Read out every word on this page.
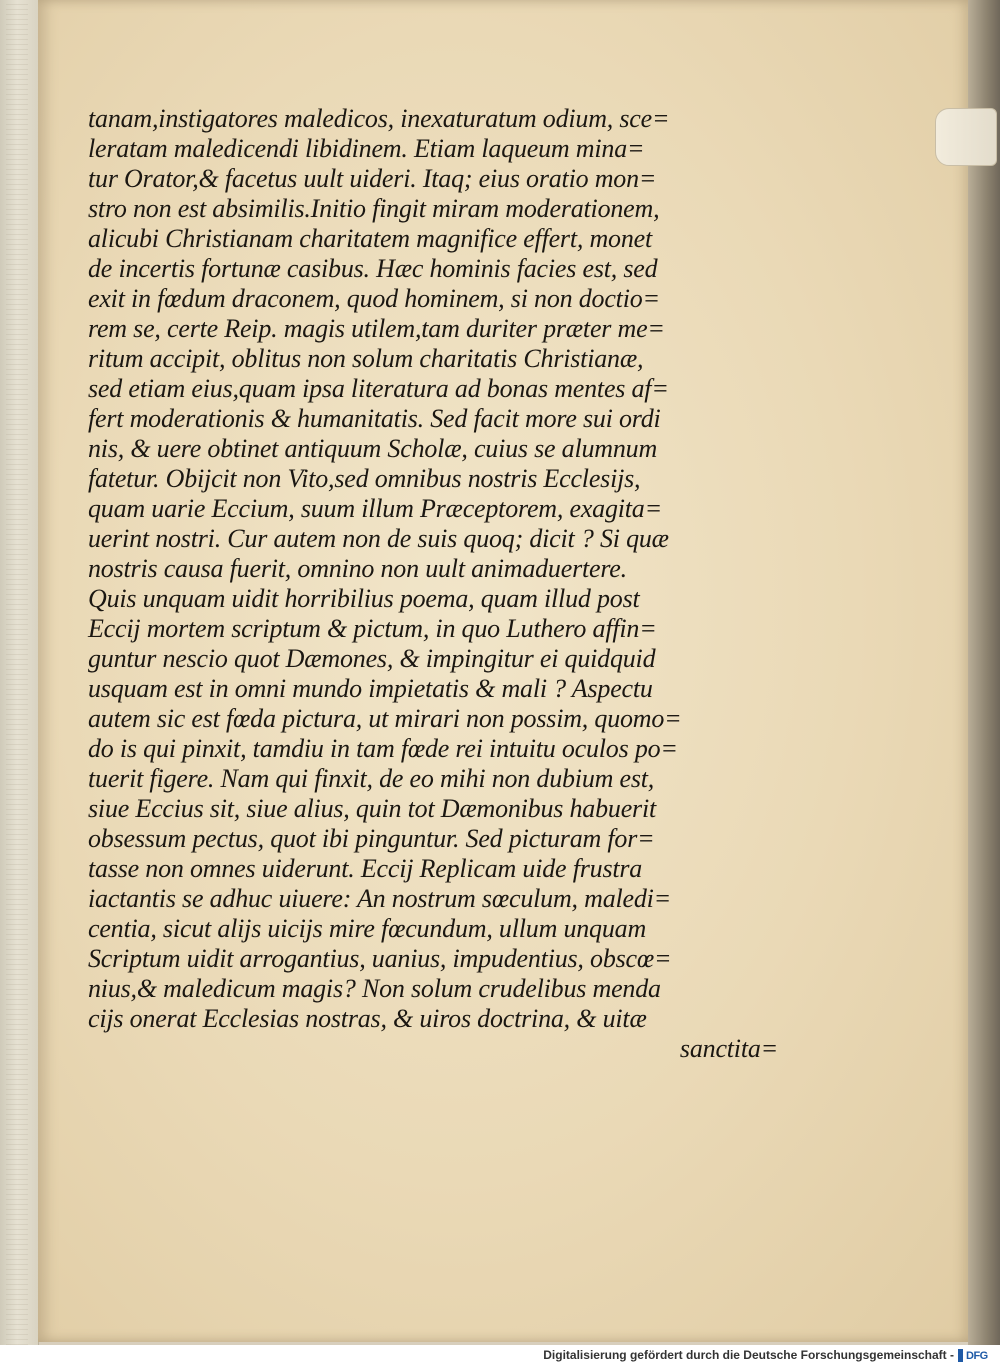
tanam,instigatores maledicos, inexaturatum odium, sce=
leratam maledicendi libidinem. Etiam laqueum mina=
tur Orator,& facetus uult uideri. Itaq; eius oratio mon=
stro non est absimilis.Initio fingit miram moderationem,
alicubi Christianam charitatem magnifice effert, monet
de incertis fortunæ casibus. Hæc hominis facies est, sed
exit in fœdum draconem, quod hominem, si non doctio=
rem se, certe Reip. magis utilem,tam duriter præter me=
ritum accipit, oblitus non solum charitatis Christianæ,
sed etiam eius,quam ipsa literatura ad bonas mentes af=
fert moderationis & humanitatis. Sed facit more sui ordi
nis, & uere obtinet antiquum Scholæ, cuius se alumnum
fatetur. Obijcit non Vito,sed omnibus nostris Ecclesijs,
quam uarie Eccium, suum illum Præceptorem, exagita=
uerint nostri. Cur autem non de suis quoq; dicit ? Si quæ
nostris causa fuerit, omnino non uult animaduertere.
Quis unquam uidit horribilius poema, quam illud post
Eccij mortem scriptum & pictum, in quo Luthero affin=
guntur nescio quot Dæmones, & impingitur ei quidquid
usquam est in omni mundo impietatis & mali ? Aspectu
autem sic est fœda pictura, ut mirari non possim, quomo=
do is qui pinxit, tamdiu in tam fœde rei intuitu oculos po=
tuerit figere. Nam qui finxit, de eo mihi non dubium est,
siue Eccius sit, siue alius, quin tot Dæmonibus habuerit
obsessum pectus, quot ibi pinguntur. Sed picturam for=
tasse non omnes uiderunt. Eccij Replicam uide frustra
iactantis se adhuc uiuere: An nostrum sœculum, maledi=
centia, sicut alijs uicijs mire fœcundum, ullum unquam
Scriptum uidit arrogantius, uanius, impudentius, obscœ=
nius,& maledicum magis? Non solum crudelibus menda
cijs onerat Ecclesias nostras, & uiros doctrina, & uitæ
sanctita=
Digitalisierung gefördert durch die Deutsche Forschungsgemeinschaft - DFG
